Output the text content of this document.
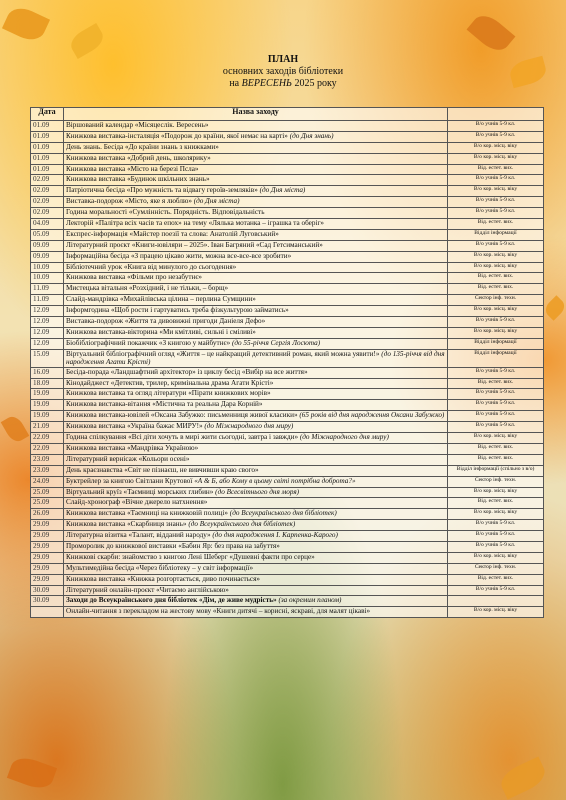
ПЛАН
основних заходів бібліотеки
на ВЕРЕСЕНЬ 2025 року
Дата	Назва заходу	
01.09	Віршований календар «Місяцеслік. Вересень»	В/о учнів 5-9 кл.
01.09	Книжкова виставка-інсталяція «Подорож до країни, якої немає на карті» (до Дня знань)	В/о учнів 5-9 кл.
01.09	День знань. Бесіда «До країни знань з книжками»	В/о кор. місц. віку
01.09	Книжкова виставка «Добрий день, школярику»	В/о кор. місц. віку
01.09	Книжкова виставка «Місто на березі Псла»	Від. естет. вих.
02.09	Книжкова виставка «Будинок шкільних знань»	В/о учнів 5-9 кл.
02.09	Патріотична бесіда «Про мужність та відвагу героїв-земляків» (до Дня міста)	В/о кор. місц. віку
02.09	Виставка-подорож «Місто, яке я люблю» (до Дня міста)	В/о учнів 5-9 кл.
02.09	Година моральності «Сумлінність. Порядність. Відповідальність	В/о учнів 5-9 кл.
04.09	Лекторій «Палітра всіх часів та епох» на тему «Лялька мотанка – іграшка та оберіг»	Від. естет. вих.
05.09	Експрес-інформація «Майстер поезії та слова: Анатолій Луговський»	Відділ інформації
09.09	Літературний проєкт «Книги-ювіляри – 2025». Іван Багряний «Сад Гетсиманський»	В/о учнів 5-9 кл.
09.09	Інформаційна бесіда «З працею цікаво жити, можна все-все-все зробити»	В/о кор. місц. віку
10.09	Бібліотечний урок «Книга від минулого до сьогодення»	В/о кор. місц. віку
10.09	Книжкова виставка «Фільми про незабутнє»	Від. естет. вих.
11.09	Мистецька вітальня «Розхідний, і не тільки, – борщ»	Від. естет. вих.
11.09	Слайд-мандрівка «Михайлівська цілина – перлина Сумщини»	Сектор інф. техн.
12.09	Інформгодина «Щоб рости і гартуватись треба фізкультурою займатись»	В/о кор. місц. віку
12.09	Виставка-подорож «Життя та дивовижні пригоди Даніеля Дефо»	В/о учнів 5-9 кл.
12.09	Книжкова виставка-вікторина «Ми кмітливі, сильні і сміливі»	В/о кор. місц. віку
12.09	Біобібліографічний покажчик «З книгою у майбутнє» (до 55-річчя Сергія Лосюта)	Відділ інформації
15.09	Віртуальний бібліографічний огляд «Життя – це найкращий детективний роман, який можна уявити!» (до 135-річчя від дня народження Агати Крісті)	Відділ інформації
16.09	Бесіда-порада «Ландшафтний архітектор» із циклу бесід «Вибір на все життя»	В/о учнів 5-9 кл.
18.09	Кінодайджест «Детектив, трилер, кримінальна драма Агати Крісті»	Від. естет. вих.
19.09	Книжкова виставка та огляд літератури «Пірати книжкових морів»	В/о учнів 5-9 кл.
19.09	Книжкова виставка-вітання «Містична та реальна Дара Корній»	В/о учнів 5-9 кл.
19.09	Книжкова виставка-ювілей «Оксана Забужко: письменниця живої класики» (65 років від дня народження Оксани Забужко)	В/о учнів 5-9 кл.
21.09	Книжкова виставка «Україна бажає МИРУ!» (до Міжнародного дня миру)	В/о учнів 5-9 кл.
22.09	Година спілкування «Всі діти хочуть в мирі жити сьогодні, завтра і завжди» (до Міжнародного дня миру)	В/о кор. місц. віку
22.09	Книжкова виставка «Мандрівка Україною»	Від. естет. вих.
23.09	Літературний вернісаж «Кольори осені»	Від. естет. вих.
23.09	День краєзнавства «Світ не пізнаєш, не вивчивши краю свого»	Відділ інформації (спільно з в/о)
24.09	Буктрейлер за книгою Світлани Крутової «А & Б, або Кому в цьому світі потрібна доброта?»	Сектор інф. техн.
25.09	Віртуальний круїз «Таємниці морських глибин» (до Всесвітнього дня моря)	В/о кор. місц. віку
25.09	Слайд-хронограф «Вічне джерело натхнення»	Від. естет. вих.
26.09	Книжкова виставка «Таємниці на книжковій полиці» (до Всеукраїнського дня бібліотек)	В/о кор. місц. віку
29.09	Книжкова виставка «Скарбниця знань» (до Всеукраїнського дня бібліотек)	В/о учнів 5-9 кл.
29.09	Літературна візитка «Талант, відданий народу» (до дня народження І. Карпенка-Карого)	В/о учнів 5-9 кл.
29.09	Проморолик до книжкової виставки «Бабин Яр: без права на забуття»	В/о учнів 5-9 кл.
29.09	Книжкові скарби: знайомство з книгою Лені Шеберг «Душевні факти про серце»	В/о кор. місц. віку
29.09	Мультимедійна бесіда «Через бібліотеку – у світ інформації»	Сектор інф. техн.
29.09	Книжкова виставка «Книжка розгортається, диво починається»	Від. естет. вих.
30.09	Літературний онлайн-проєкт «Читаємо англійською»	В/о учнів 5-9 кл.
30.09	Заходи до Всеукраїнського дня бібліотек «Дім, де живе мудрість» (за окремим планом)	
	Онлайн-читання з перекладом на жестову мову «Книги дитячі – корисні, яскраві, для малят цікаві»	В/о кор. місц. віку
